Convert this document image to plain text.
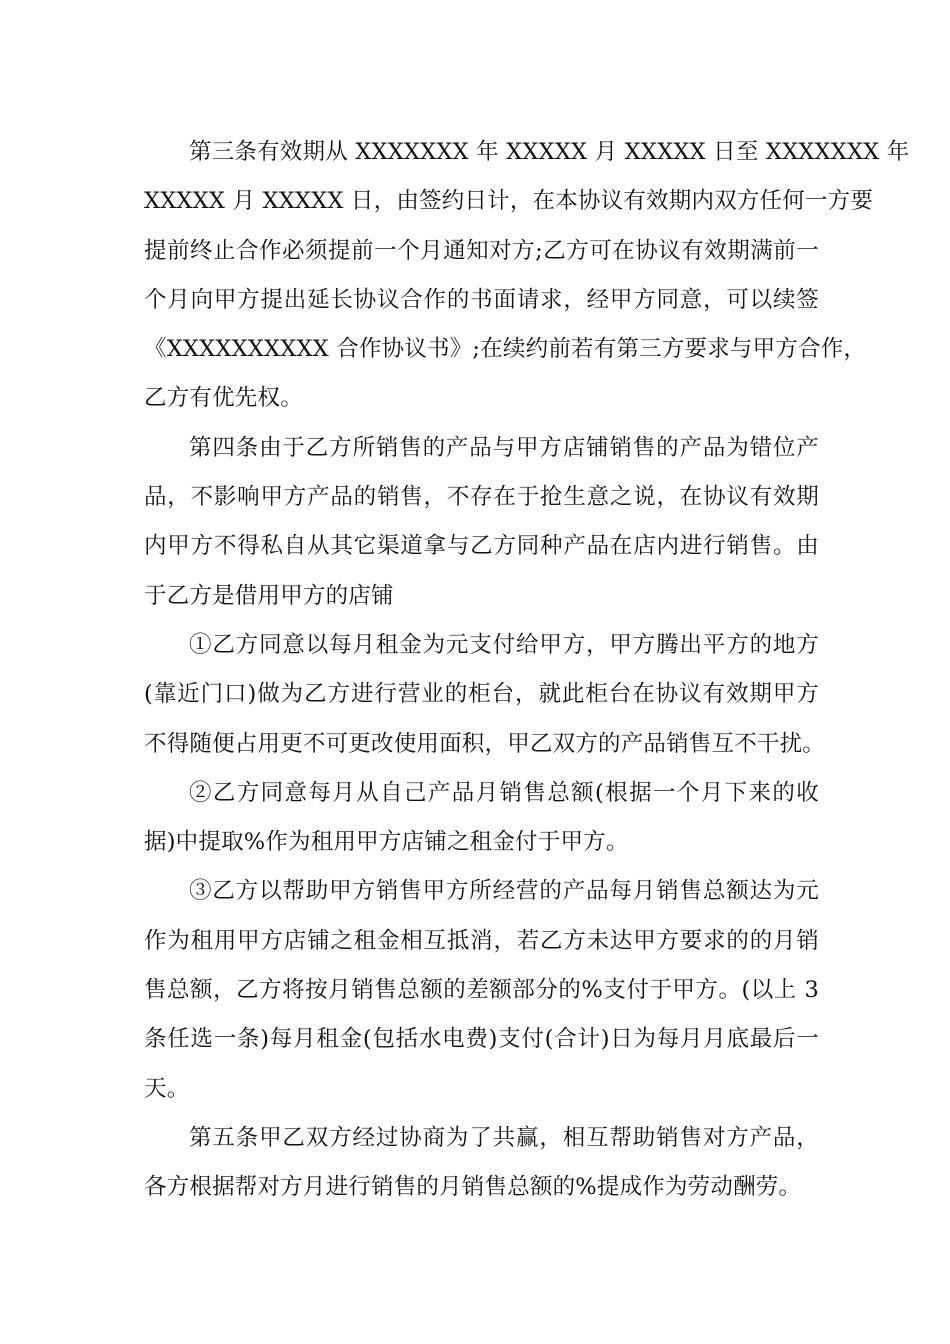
第三条有效期从 XXXXXXX 年 XXXXX 月 XXXXX 日至 XXXXXXX 年
XXXXX 月 XXXXX 日，由签约日计，在本协议有效期内双方任何一方要
提前终止合作必须提前一个月通知对方;乙方可在协议有效期满前一
个月向甲方提出延长协议合作的书面请求，经甲方同意，可以续签
《XXXXXXXXXX 合作协议书》;在续约前若有第三方要求与甲方合作，
乙方有优先权。
第四条由于乙方所销售的产品与甲方店铺销售的产品为错位产
品，不影响甲方产品的销售，不存在于抢生意之说，在协议有效期
内甲方不得私自从其它渠道拿与乙方同种产品在店内进行销售。由
于乙方是借用甲方的店铺
①乙方同意以每月租金为元支付给甲方，甲方腾出平方的地方
(靠近门口)做为乙方进行营业的柜台，就此柜台在协议有效期甲方
不得随便占用更不可更改使用面积，甲乙双方的产品销售互不干扰。
②乙方同意每月从自己产品月销售总额(根据一个月下来的收
据)中提取%作为租用甲方店铺之租金付于甲方。
③乙方以帮助甲方销售甲方所经营的产品每月销售总额达为元
作为租用甲方店铺之租金相互抵消，若乙方未达甲方要求的的月销
售总额，乙方将按月销售总额的差额部分的%支付于甲方。(以上 3
条任选一条)每月租金(包括水电费)支付(合计)日为每月月底最后一
天。
第五条甲乙双方经过协商为了共赢，相互帮助销售对方产品，
各方根据帮对方月进行销售的月销售总额的%提成作为劳动酬劳。
